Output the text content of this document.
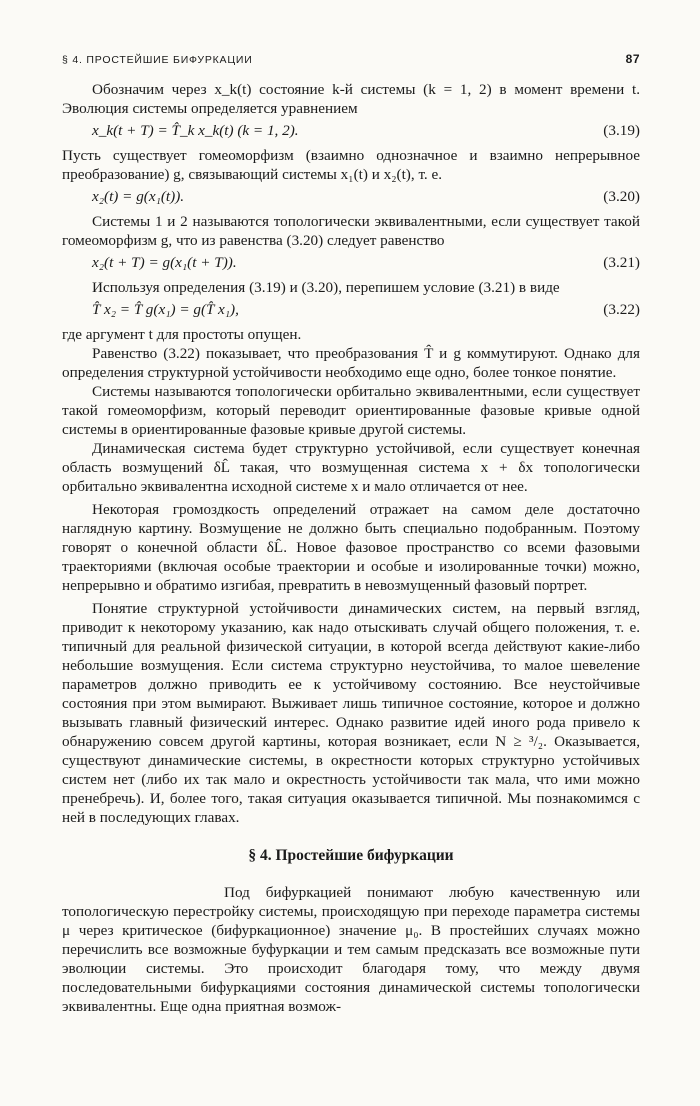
§ 4. ПРОСТЕЙШИЕ БИФУРКАЦИИ	87

Обозначим через x_k(t) состояние k-й системы (k = 1, 2) в момент времени t. Эволюция системы определяется уравнением

x_k(t + T) = T̂_k x_k(t) (k = 1, 2).	(3.19)

Пусть существует гомеоморфизм (взаимно однозначное и взаимно непрерывное преобразование) g, связывающий системы x₁(t) и x₂(t), т. е.

x₂(t) = g(x₁(t)).	(3.20)

Системы 1 и 2 называются топологически эквивалентными, если существует такой гомеоморфизм g, что из равенства (3.20) следует равенство

x₂(t + T) = g(x₁(t + T)).	(3.21)

Используя определения (3.19) и (3.20), перепишем условие (3.21) в виде

T̂ x₂ = T̂ g(x₁) = g(T̂ x₁),	(3.22)

где аргумент t для простоты опущен.

Равенство (3.22) показывает, что преобразования T̂ и g коммутируют. Однако для определения структурной устойчивости необходимо еще одно, более тонкое понятие.

Системы называются топологически орбитально эквивалентными, если существует такой гомеоморфизм, который переводит ориентированные фазовые кривые одной системы в ориентированные фазовые кривые другой системы.

Динамическая система будет структурно устойчивой, если существует конечная область возмущений δL̂ такая, что возмущенная система x + δx топологически орбитально эквивалентна исходной системе x и мало отличается от нее.

Некоторая громоздкость определений отражает на самом деле достаточно наглядную картину. Возмущение не должно быть специально подобранным. Поэтому говорят о конечной области δL̂. Новое фазовое пространство со всеми фазовыми траекториями (включая особые траектории и особые и изолированные точки) можно, непрерывно и обратимо изгибая, превратить в невозмущенный фазовый портрет.

Понятие структурной устойчивости динамических систем, на первый взгляд, приводит к некоторому указанию, как надо отыскивать случай общего положения, т. е. типичный для реальной физической ситуации, в которой всегда действуют какие-либо небольшие возмущения. Если система структурно неустойчива, то малое шевеление параметров должно приводить ее к устойчивому состоянию. Все неустойчивые состояния при этом вымирают. Выживает лишь типичное состояние, которое и должно вызывать главный физический интерес. Однако развитие идей иного рода привело к обнаружению совсем другой картины, которая возникает, если N ≥ ³/₂. Оказывается, существуют динамические системы, в окрестности которых структурно устойчивых систем нет (либо их так мало и окрестность устойчивости так мала, что ими можно пренебречь). И, более того, такая ситуация оказывается типичной. Мы познакомимся с ней в последующих главах.

§ 4. Простейшие бифуркации

Под бифуркацией понимают любую качественную или топологическую перестройку системы, происходящую при переходе параметра системы μ через критическое (бифуркационное) значение μ₀. В простейших случаях можно перечислить все возможные буфуркации и тем самым предсказать все возможные пути эволюции системы. Это происходит благодаря тому, что между двумя последовательными бифуркациями состояния динамической системы топологически эквивалентны. Еще одна приятная возмож-
